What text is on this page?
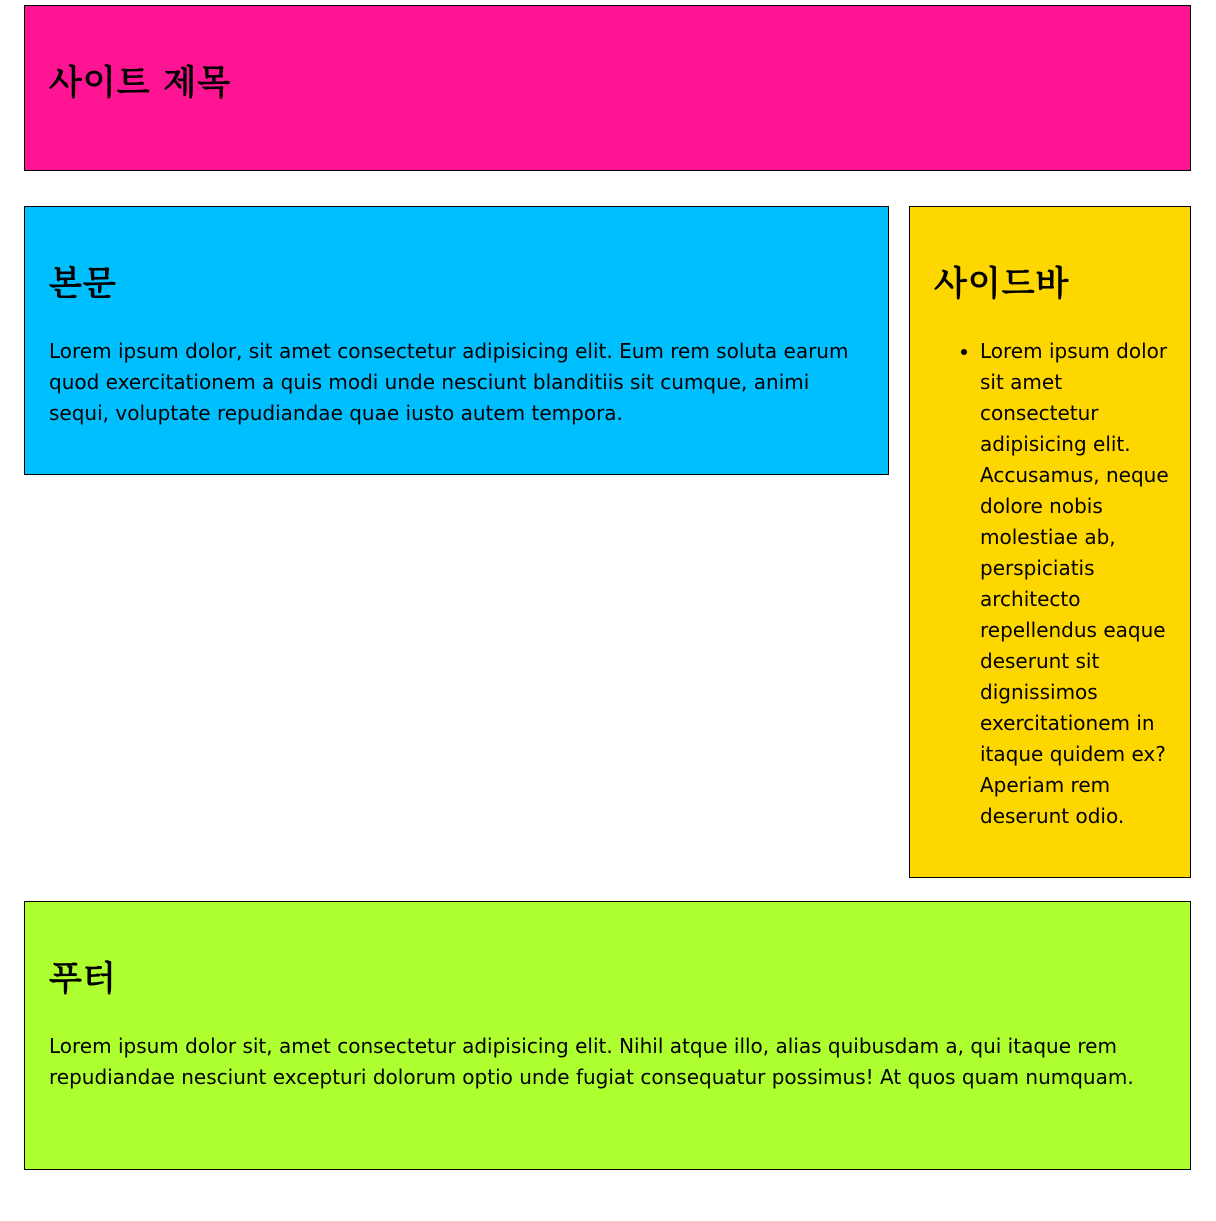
사이트 제목
본문

Lorem ipsum dolor, sit amet consectetur adipisicing elit. Eum rem soluta earum quod exercitationem a quis modi unde nesciunt blanditiis sit cumque, animi sequi, voluptate repudiandae quae iusto autem tempora.

사이드바
• Lorem ipsum dolor sit amet consectetur adipisicing elit. Accusamus, neque dolore nobis molestiae ab, perspiciatis architecto repellendus eaque deserunt sit dignissimos exercitationem in itaque quidem ex? Aperiam rem deserunt odio.
푸터

Lorem ipsum dolor sit, amet consectetur adipisicing elit. Nihil atque illo, alias quibusdam a, qui itaque rem repudiandae nesciunt excepturi dolorum optio unde fugiat consequatur possimus! At quos quam numquam.
